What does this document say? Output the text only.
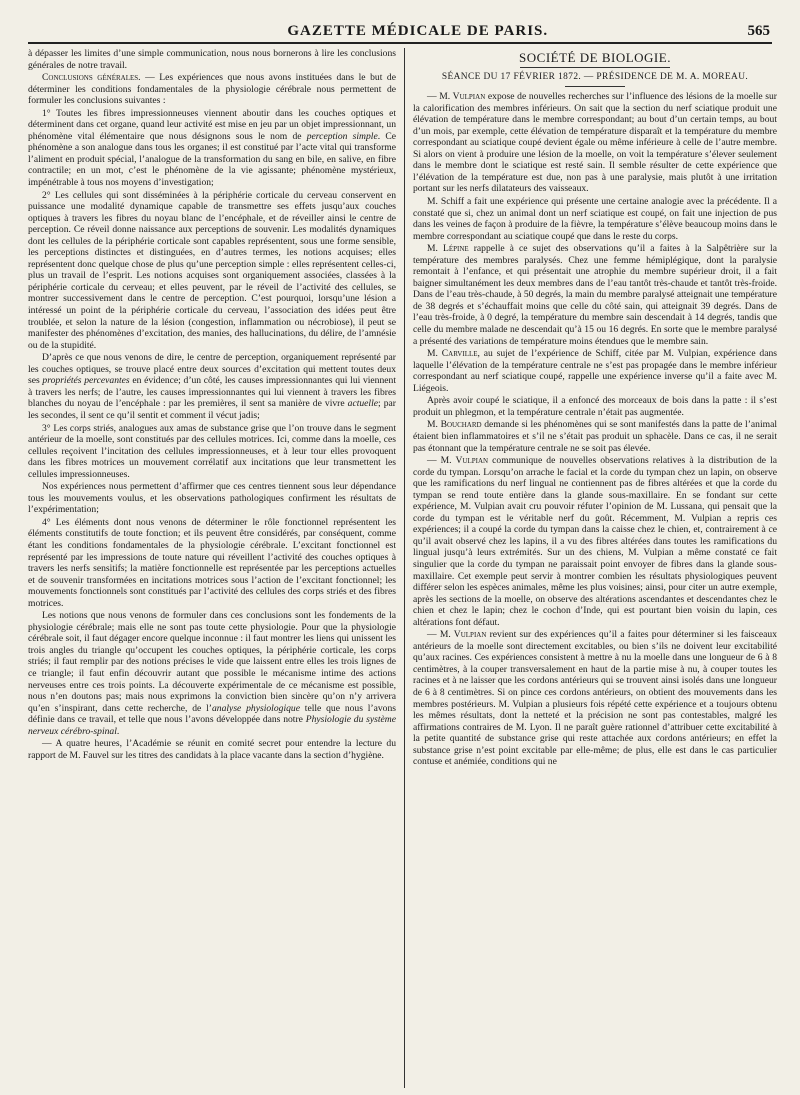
GAZETTE MÉDICALE DE PARIS.	565

à dépasser les limites d’une simple communication, nous nous bornerons à lire les conclusions générales de notre travail.

Conclusions générales. — Les expériences que nous avons instituées dans le but de déterminer les conditions fondamentales de la physiologie cérébrale nous permettent de formuler les conclusions suivantes :

1° Toutes les fibres impressionneuses viennent aboutir dans les couches optiques et déterminent dans cet organe, quand leur activité est mise en jeu par un objet impressionnant, un phénomène vital élémentaire que nous désignons sous le nom de perception simple. Ce phénomène a son analogue dans tous les organes; il est constitué par l’acte vital qui transforme l’aliment en produit spécial, l’analogue de la transformation du sang en bile, en salive, en fibre contractile; en un mot, c’est le phénomène de la vie agissante; phénomène mystérieux, impénétrable à tous nos moyens d’investigation;

2° Les cellules qui sont disséminées à la périphérie corticale du cerveau conservent en puissance une modalité dynamique capable de transmettre ses effets jusqu’aux couches optiques à travers les fibres du noyau blanc de l’encéphale, et de réveiller ainsi le centre de perception. Ce réveil donne naissance aux perceptions de souvenir. Les modalités dynamiques dont les cellules de la périphérie corticale sont capables représentent, sous une forme sensible, les perceptions distinctes et distinguées, en d’autres termes, les notions acquises; elles représentent donc quelque chose de plus qu’une perception simple : elles représentent celles-ci, plus un travail de l’esprit. Les notions acquises sont organiquement associées, classées à la périphérie corticale du cerveau; et elles peuvent, par le réveil de l’activité des cellules, se montrer successivement dans le centre de perception. C’est pourquoi, lorsqu’une lésion a intéressé un point de la périphérie corticale du cerveau, l’association des idées peut être troublée, et selon la nature de la lésion (congestion, inflammation ou nécrobiose), il peut se manifester des phénomènes d’excitation, des manies, des hallucinations, du délire, de l’amnésie ou de la stupidité.

D’après ce que nous venons de dire, le centre de perception, organiquement représenté par les couches optiques, se trouve placé entre deux sources d’excitation qui mettent toutes deux ses propriétés percevantes en évidence; d’un côté, les causes impressionnantes qui lui viennent à travers les nerfs; de l’autre, les causes impressionnantes qui lui viennent à travers les fibres blanches du noyau de l’encéphale : par les premières, il sent sa manière de vivre actuelle; par les secondes, il sent ce qu’il sentit et comment il vécut jadis;

3° Les corps striés, analogues aux amas de substance grise que l’on trouve dans le segment antérieur de la moelle, sont constitués par des cellules motrices. Ici, comme dans la moelle, ces cellules reçoivent l’incitation des cellules impressionneuses, et à leur tour elles provoquent dans les fibres motrices un mouvement corrélatif aux incitations que leur transmettent les cellules impressionneuses.

Nos expériences nous permettent d’affirmer que ces centres tiennent sous leur dépendance tous les mouvements voulus, et les observations pathologiques confirment les résultats de l’expérimentation;

4° Les éléments dont nous venons de déterminer le rôle fonctionnel représentent les éléments constitutifs de toute fonction; et ils peuvent être considérés, par conséquent, comme étant les conditions fondamentales de la physiologie cérébrale. L’excitant fonctionnel est représenté par les impressions de toute nature qui réveillent l’activité des couches optiques à travers les nerfs sensitifs; la matière fonctionnelle est représentée par les perceptions actuelles et de souvenir transformées en incitations motrices sous l’action de l’excitant fonctionnel; les mouvements fonctionnels sont constitués par l’activité des cellules des corps striés et des fibres motrices.

Les notions que nous venons de formuler dans ces conclusions sont les fondements de la physiologie cérébrale; mais elle ne sont pas toute cette physiologie. Pour que la physiologie cérébrale soit, il faut dégager encore quelque inconnue : il faut montrer les liens qui unissent les trois angles du triangle qu’occupent les couches optiques, la périphérie corticale, les corps striés; il faut remplir par des notions précises le vide que laissent entre elles les trois lignes de ce triangle; il faut enfin découvrir autant que possible le mécanisme intime des actions nerveuses entre ces trois points. La découverte expérimentale de ce mécanisme est possible, nous n’en doutons pas; mais nous exprimons la conviction bien sincère qu’on n’y arrivera qu’en s’inspirant, dans cette recherche, de l’analyse physiologique telle que nous l’avons définie dans ce travail, et telle que nous l’avons développée dans notre Physiologie du système nerveux cérébro-spinal.

— A quatre heures, l’Académie se réunit en comité secret pour entendre la lecture du rapport de M. Fauvel sur les titres des candidats à la place vacante dans la section d’hygiène.

SOCIÉTÉ DE BIOLOGIE.
SÉANCE DU 17 FÉVRIER 1872. — PRÉSIDENCE DE M. A. MOREAU.

— M. Vulpian expose de nouvelles recherches sur l’influence des lésions de la moelle sur la calorification des membres inférieurs. On sait que la section du nerf sciatique produit une élévation de température dans le membre correspondant; au bout d’un certain temps, au bout d’un mois, par exemple, cette élévation de température disparaît et la température du membre correspondant au sciatique coupé devient égale ou même inférieure à celle de l’autre membre. Si alors on vient à produire une lésion de la moelle, on voit la température s’élever seulement dans le membre dont le sciatique est resté sain. Il semble résulter de cette expérience que l’élévation de la température est due, non pas à une paralysie, mais plutôt à une irritation portant sur les nerfs dilatateurs des vaisseaux.

M. Schiff a fait une expérience qui présente une certaine analogie avec la précédente. Il a constaté que si, chez un animal dont un nerf sciatique est coupé, on fait une injection de pus dans les veines de façon à produire de la fièvre, la température s’élève beaucoup moins dans le membre correspondant au sciatique coupé que dans le reste du corps.

M. Lépine rappelle à ce sujet des observations qu’il a faites à la Salpêtrière sur la température des membres paralysés. Chez une femme hémiplégique, dont la paralysie remontait à l’enfance, et qui présentait une atrophie du membre supérieur droit, il a fait baigner simultanément les deux membres dans de l’eau tantôt très-chaude et tantôt très-froide. Dans de l’eau très-chaude, à 50 degrés, la main du membre paralysé atteignait une température de 38 degrés et s’échauffait moins que celle du côté sain, qui atteignait 39 degrés. Dans de l’eau très-froide, à 0 degré, la température du membre sain descendait à 14 degrés, tandis que celle du membre malade ne descendait qu’à 15 ou 16 degrés. En sorte que le membre paralysé a présenté des variations de température moins étendues que le membre sain.

M. Carville, au sujet de l’expérience de Schiff, citée par M. Vulpian, expérience dans laquelle l’élévation de la température centrale ne s’est pas propagée dans le membre inférieur correspondant au nerf sciatique coupé, rappelle une expérience inverse qu’il a faite avec M. Liégeois.

Après avoir coupé le sciatique, il a enfoncé des morceaux de bois dans la patte : il s’est produit un phlegmon, et la température centrale n’était pas augmentée.

M. Bouchard demande si les phénomènes qui se sont manifestés dans la patte de l’animal étaient bien inflammatoires et s’il ne s’était pas produit un sphacèle. Dans ce cas, il ne serait pas étonnant que la température centrale ne se soit pas élevée.

— M. Vulpian communique de nouvelles observations relatives à la distribution de la corde du tympan. Lorsqu’on arrache le facial et la corde du tympan chez un lapin, on observe que les ramifications du nerf lingual ne contiennent pas de fibres altérées et que la corde du tympan se rend toute entière dans la glande sous-maxillaire. En se fondant sur cette expérience, M. Vulpian avait cru pouvoir réfuter l’opinion de M. Lussana, qui pensait que la corde du tympan est le véritable nerf du goût. Récemment, M. Vulpian a repris ces expériences; il a coupé la corde du tympan dans la caisse chez le chien, et, contrairement à ce qu’il avait observé chez les lapins, il a vu des fibres altérées dans toutes les ramifications du lingual jusqu’à leurs extrémités. Sur un des chiens, M. Vulpian a même constaté ce fait singulier que la corde du tympan ne paraissait point envoyer de fibres dans la glande sous-maxillaire. Cet exemple peut servir à montrer combien les résultats physiologiques peuvent différer selon les espèces animales, même les plus voisines; ainsi, pour citer un autre exemple, après les sections de la moelle, on observe des altérations ascendantes et descendantes chez le chien et chez le lapin; chez le cochon d’Inde, qui est pourtant bien voisin du lapin, ces altérations font défaut.

— M. Vulpian revient sur des expériences qu’il a faites pour déterminer si les faisceaux antérieurs de la moelle sont directement excitables, ou bien s’ils ne doivent leur excitabilité qu’aux racines. Ces expériences consistent à mettre à nu la moelle dans une longueur de 6 à 8 centimètres, à la couper transversalement en haut de la partie mise à nu, à couper toutes les racines et à ne laisser que les cordons antérieurs qui se trouvent ainsi isolés dans une longueur de 6 à 8 centimètres. Si on pince ces cordons antérieurs, on obtient des mouvements dans les membres postérieurs. M. Vulpian a plusieurs fois répété cette expérience et a toujours obtenu les mêmes résultats, dont la netteté et la précision ne sont pas contestables, malgré les affirmations contraires de M. Lyon. Il ne paraît guère rationnel d’attribuer cette excitabilité à la petite quantité de substance grise qui reste attachée aux cordons antérieurs; en effet la substance grise n’est point excitable par elle-même; de plus, elle est dans le cas particulier contuse et anémiée, conditions qui ne
